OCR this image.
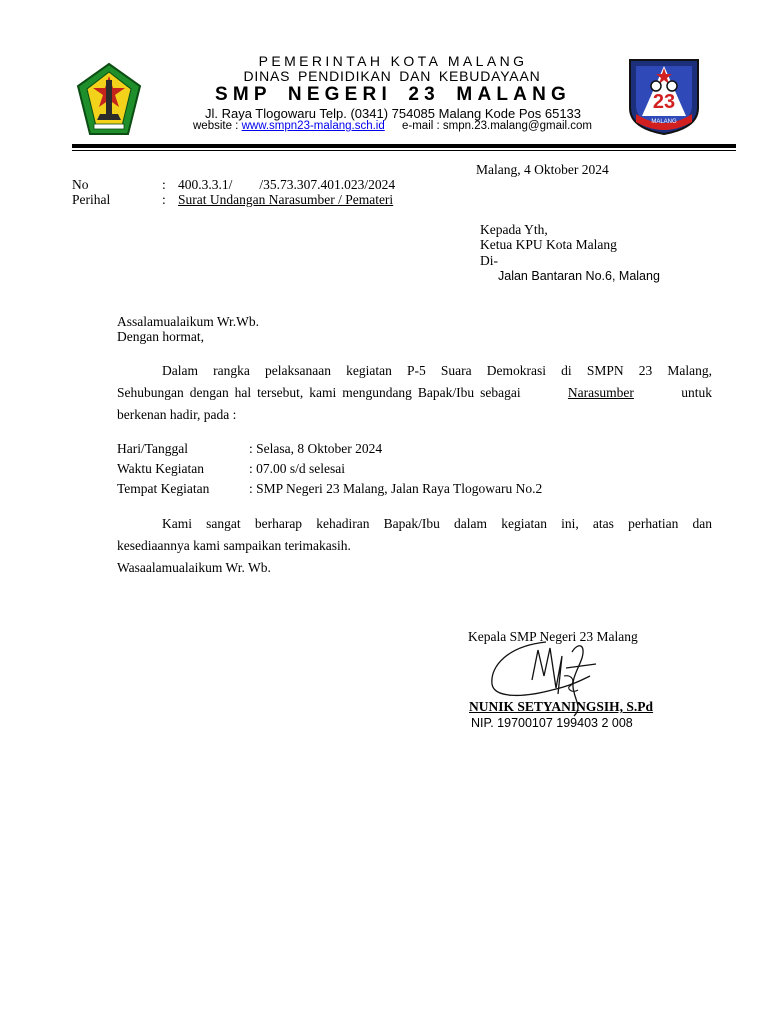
23
MALANG
PEMERINTAH KOTA MALANG
DINAS PENDIDIKAN DAN KEBUDAYAAN
SMP NEGERI 23 MALANG
Jl. Raya Tlogowaru Telp. (0341) 754085 Malang Kode Pos 65133
website : www.smpn23-malang.sch.id e-mail : smpn.23.malang@gmail.com
Malang, 4 Oktober 2024
No	: 400.3.3.1/        /35.73.307.401.023/2024
Perihal	: Surat Undangan Narasumber / Pemateri
Kepada Yth,
Ketua KPU Kota Malang
Di-
Jalan Bantaran No.6, Malang
Assalamualaikum Wr.Wb.
Dengan hormat,
Dalam rangka pelaksanaan kegiatan P-5 Suara Demokrasi di SMPN 23 Malang,
Sehubungan dengan hal tersebut, kami mengundang Bapak/Ibu sebagai	Narasumber	untuk
berkenan hadir, pada :
Hari/Tanggal	: Selasa, 8 Oktober 2024
Waktu Kegiatan	: 07.00 s/d selesai
Tempat Kegiatan	: SMP Negeri 23 Malang, Jalan Raya Tlogowaru No.2
Kami sangat berharap kehadiran Bapak/Ibu dalam kegiatan ini, atas perhatian dan
kesediaannya kami sampaikan terimakasih.
Wasaalamualaikum Wr. Wb.
Kepala SMP Negeri 23 Malang
NUNIK SETYANINGSIH, S.Pd
NIP. 19700107 199403 2 008
